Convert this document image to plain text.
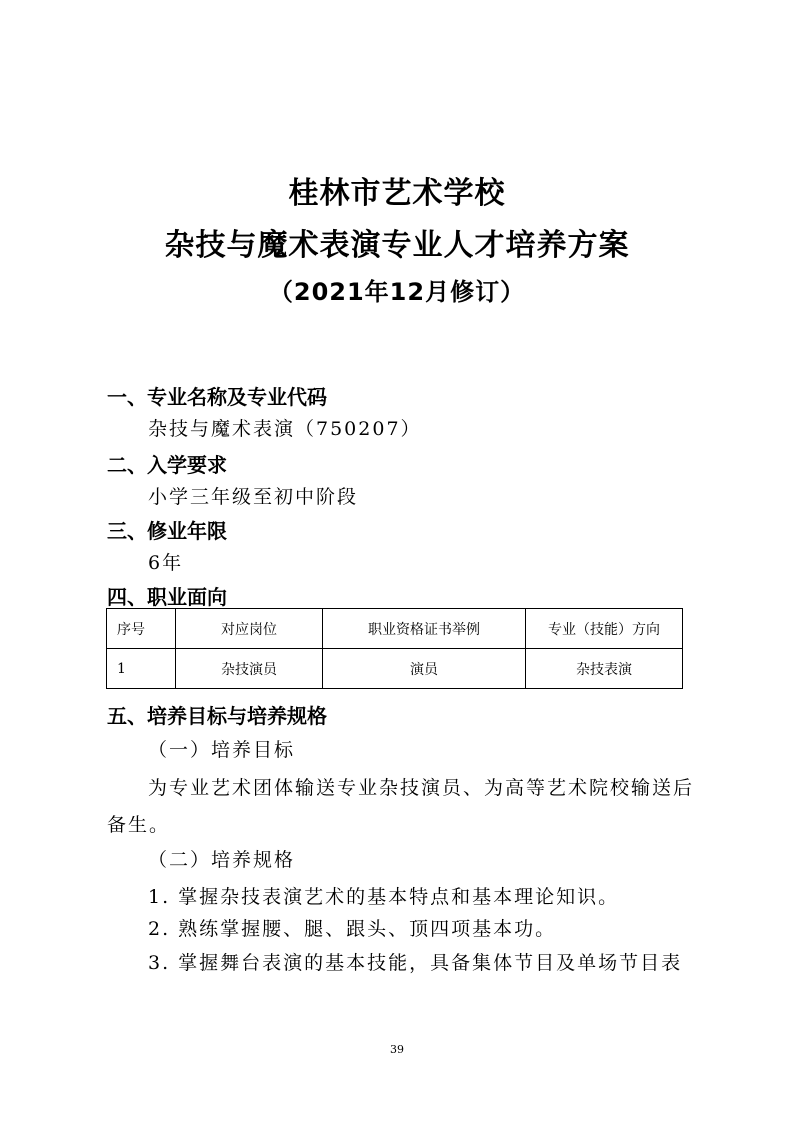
桂林市艺术学校
杂技与魔术表演专业人才培养方案
（2021年12月修订）
一、专业名称及专业代码
杂技与魔术表演（750207）
二、入学要求
小学三年级至初中阶段
三、修业年限
6年
四、职业面向
序号	对应岗位	职业资格证书举例	专业（技能）方向
1	杂技演员	演员	杂技表演
五、培养目标与培养规格
（一）培养目标
为专业艺术团体输送专业杂技演员、为高等艺术院校输送后
备生。
（二）培养规格
1. 掌握杂技表演艺术的基本特点和基本理论知识。
2. 熟练掌握腰、腿、跟头、顶四项基本功。
3. 掌握舞台表演的基本技能，具备集体节目及单场节目表
39
